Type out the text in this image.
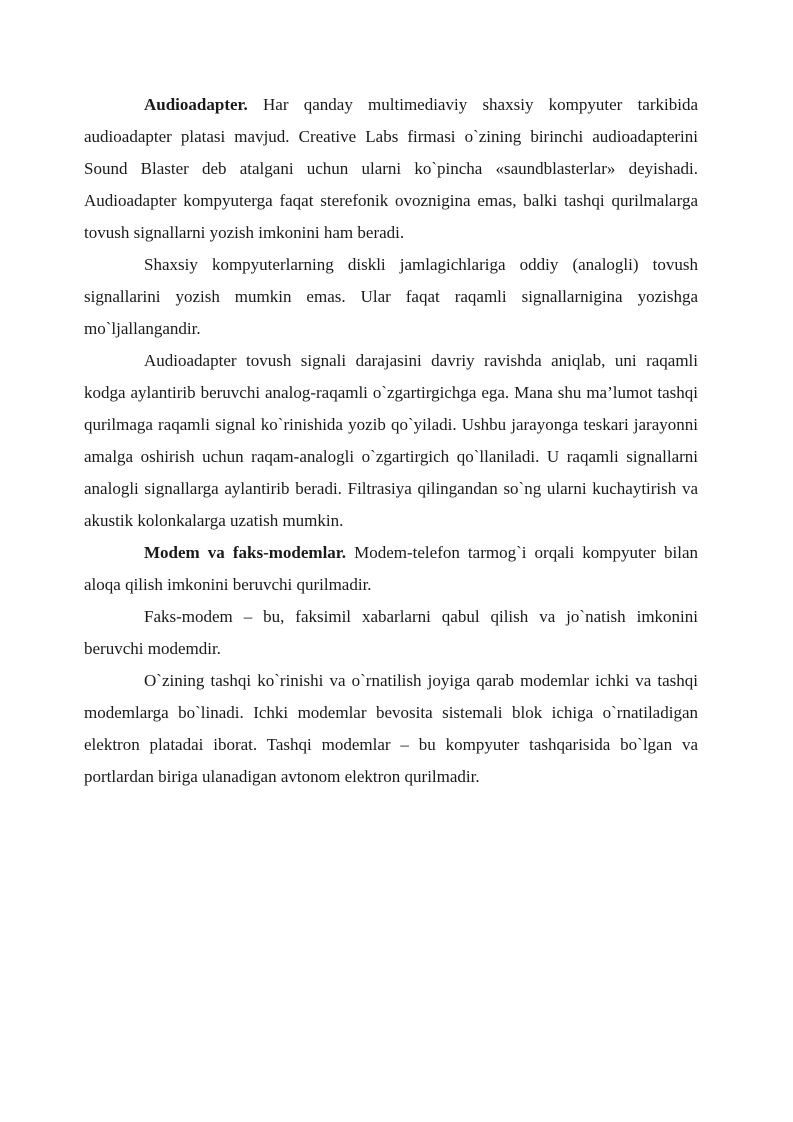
Audioadapter. Har qanday multimediaviy shaxsiy kompyuter tarkibida audioadapter platasi mavjud. Creative Labs firmasi o`zining birinchi audioadapterini Sound Blaster deb atalgani uchun ularni ko`pincha «saundblasterlar» deyishadi. Audioadapter kompyuterga faqat sterefonik ovoznigina emas, balki tashqi qurilmalarga tovush signallarni yozish imkonini ham beradi.

Shaxsiy kompyuterlarning diskli jamlagichlariga oddiy (analogli) tovush signallarini yozish mumkin emas. Ular faqat raqamli signallarnigina yozishga mo`ljallangandir.

Audioadapter tovush signali darajasini davriy ravishda aniqlab, uni raqamli kodga aylantirib beruvchi analog-raqamli o`zgartirgichga ega. Mana shu ma’lumot tashqi qurilmaga raqamli signal ko`rinishida yozib qo`yiladi. Ushbu jarayonga teskari jarayonni amalga oshirish uchun raqam-analogli o`zgartirgich qo`llaniladi. U raqamli signallarni analogli signallarga aylantirib beradi. Filtrasiya qilingandan so`ng ularni kuchaytirish va akustik kolonkalarga uzatish mumkin.

Modem va faks-modemlar. Modem-telefon tarmog`i orqali kompyuter bilan aloqa qilish imkonini beruvchi qurilmadir.

Faks-modem – bu, faksimil xabarlarni qabul qilish va jo`natish imkonini beruvchi modemdir.

O`zining tashqi ko`rinishi va o`rnatilish joyiga qarab modemlar ichki va tashqi modemlarga bo`linadi. Ichki modemlar bevosita sistemali blok ichiga o`rnatiladigan elektron platadai iborat. Tashqi modemlar – bu kompyuter tashqarisida bo`lgan va portlardan biriga ulanadigan avtonom elektron qurilmadir.
